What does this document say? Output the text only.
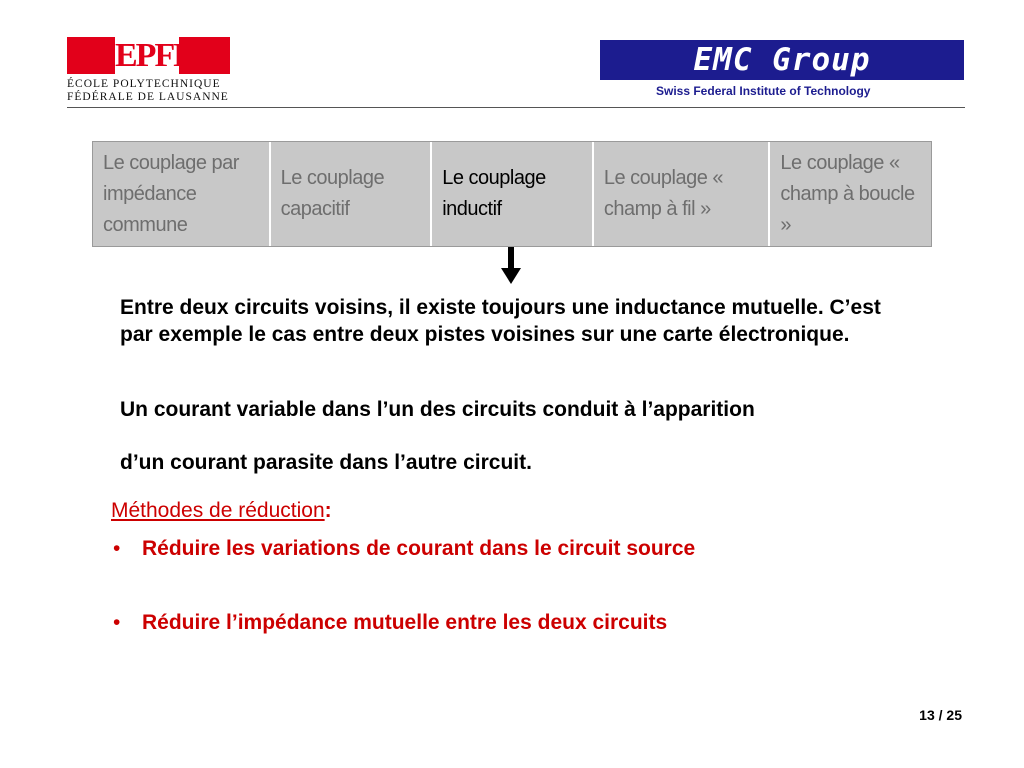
EPFL
ÉCOLE POLYTECHNIQUE
FÉDÉRALE DE LAUSANNE
EMC Group
Swiss Federal Institute of Technology
Le couplage par impédance commune
Le couplage capacitif
Le couplage inductif
Le couplage « champ à fil »
Le couplage « champ à boucle »
Entre deux circuits voisins, il existe toujours une inductance mutuelle. C’est par exemple le cas entre deux pistes voisines sur une carte électronique.
Un courant variable dans l’un des circuits conduit à l’apparition
d’un courant parasite dans l’autre circuit.
Méthodes de réduction:
• Réduire les variations de courant dans le circuit source
• Réduire l’impédance mutuelle entre les deux circuits
13 / 25
